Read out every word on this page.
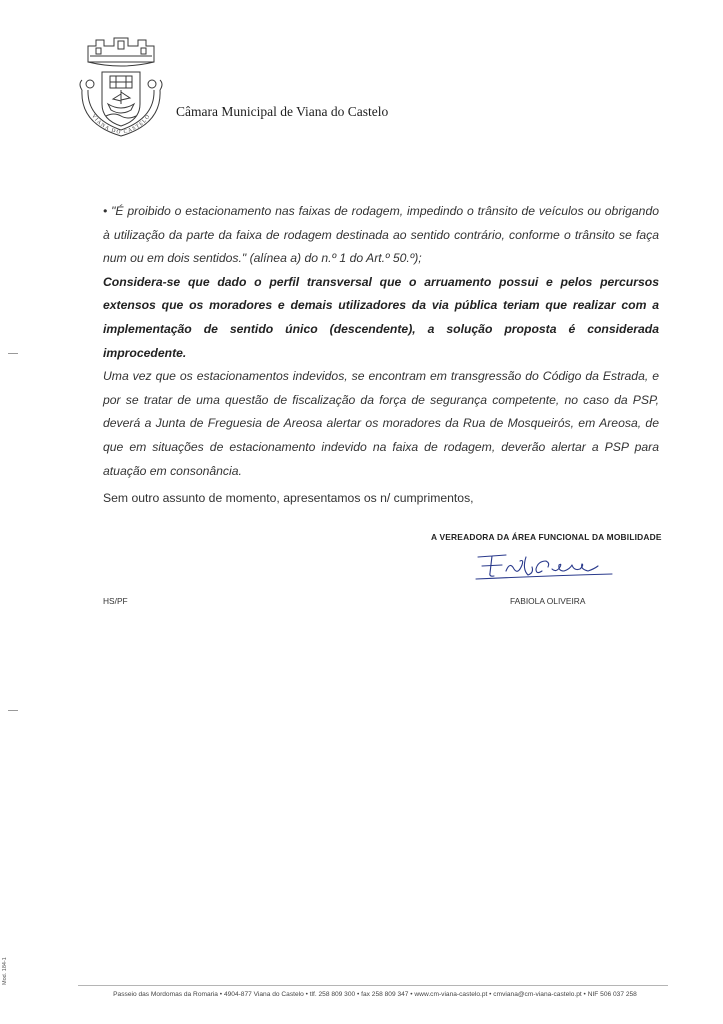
VIANA DO CASTELO Câmara Municipal de Viana do Castelo

• "É proibido o estacionamento nas faixas de rodagem, impedindo o trânsito de veículos ou obrigando à utilização da parte da faixa de rodagem destinada ao sentido contrário, conforme o trânsito se faça num ou em dois sentidos." (alínea a) do n.º 1 do Art.º 50.º);

Considera-se que dado o perfil transversal que o arruamento possui e pelos percursos extensos que os moradores e demais utilizadores da via pública teriam que realizar com a implementação de sentido único (descendente), a solução proposta é considerada improcedente.

Uma vez que os estacionamentos indevidos, se encontram em transgressão do Código da Estrada, e por se tratar de uma questão de fiscalização da força de segurança competente, no caso da PSP, deverá a Junta de Freguesia de Areosa alertar os moradores da Rua de Mosqueirós, em Areosa, de que em situações de estacionamento indevido na faixa de rodagem, deverão alertar a PSP para atuação em consonância.

Sem outro assunto de momento, apresentamos os n/ cumprimentos,
A VEREADORA DA ÁREA FUNCIONAL DA MOBILIDADE
HS/PF	FABIOLA OLIVEIRA
Mod. 184-1
Passeio das Mordomas da Romaria • 4904-877 Viana do Castelo • tlf. 258 809 300 • fax 258 809 347 • www.cm-viana-castelo.pt • cmviana@cm-viana-castelo.pt • NIF 506 037 258
